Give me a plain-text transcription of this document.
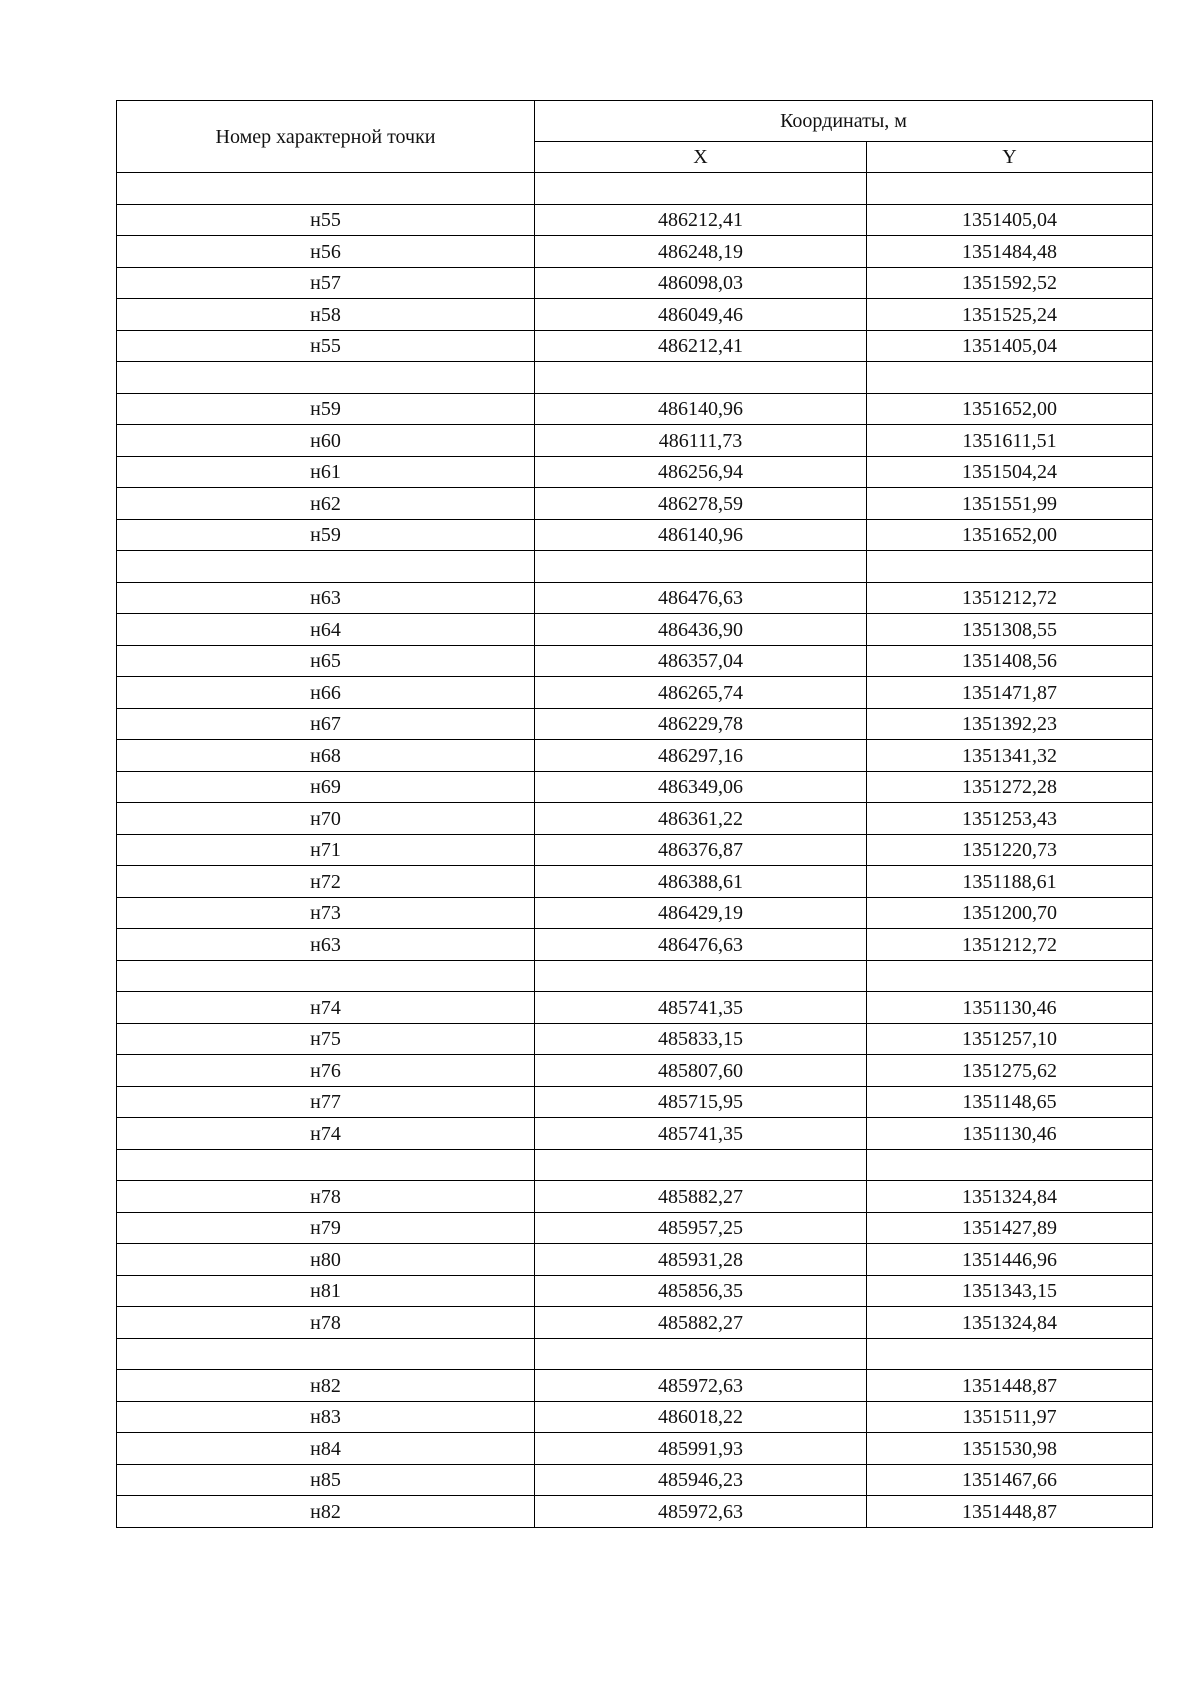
Номер характерной точки	Координаты, м	
	X	Y

н55	486212,41	1351405,04
н56	486248,19	1351484,48
н57	486098,03	1351592,52
н58	486049,46	1351525,24
н55	486212,41	1351405,04

н59	486140,96	1351652,00
н60	486111,73	1351611,51
н61	486256,94	1351504,24
н62	486278,59	1351551,99
н59	486140,96	1351652,00

н63	486476,63	1351212,72
н64	486436,90	1351308,55
н65	486357,04	1351408,56
н66	486265,74	1351471,87
н67	486229,78	1351392,23
н68	486297,16	1351341,32
н69	486349,06	1351272,28
н70	486361,22	1351253,43
н71	486376,87	1351220,73
н72	486388,61	1351188,61
н73	486429,19	1351200,70
н63	486476,63	1351212,72

н74	485741,35	1351130,46
н75	485833,15	1351257,10
н76	485807,60	1351275,62
н77	485715,95	1351148,65
н74	485741,35	1351130,46

н78	485882,27	1351324,84
н79	485957,25	1351427,89
н80	485931,28	1351446,96
н81	485856,35	1351343,15
н78	485882,27	1351324,84

н82	485972,63	1351448,87
н83	486018,22	1351511,97
н84	485991,93	1351530,98
н85	485946,23	1351467,66
н82	485972,63	1351448,87
